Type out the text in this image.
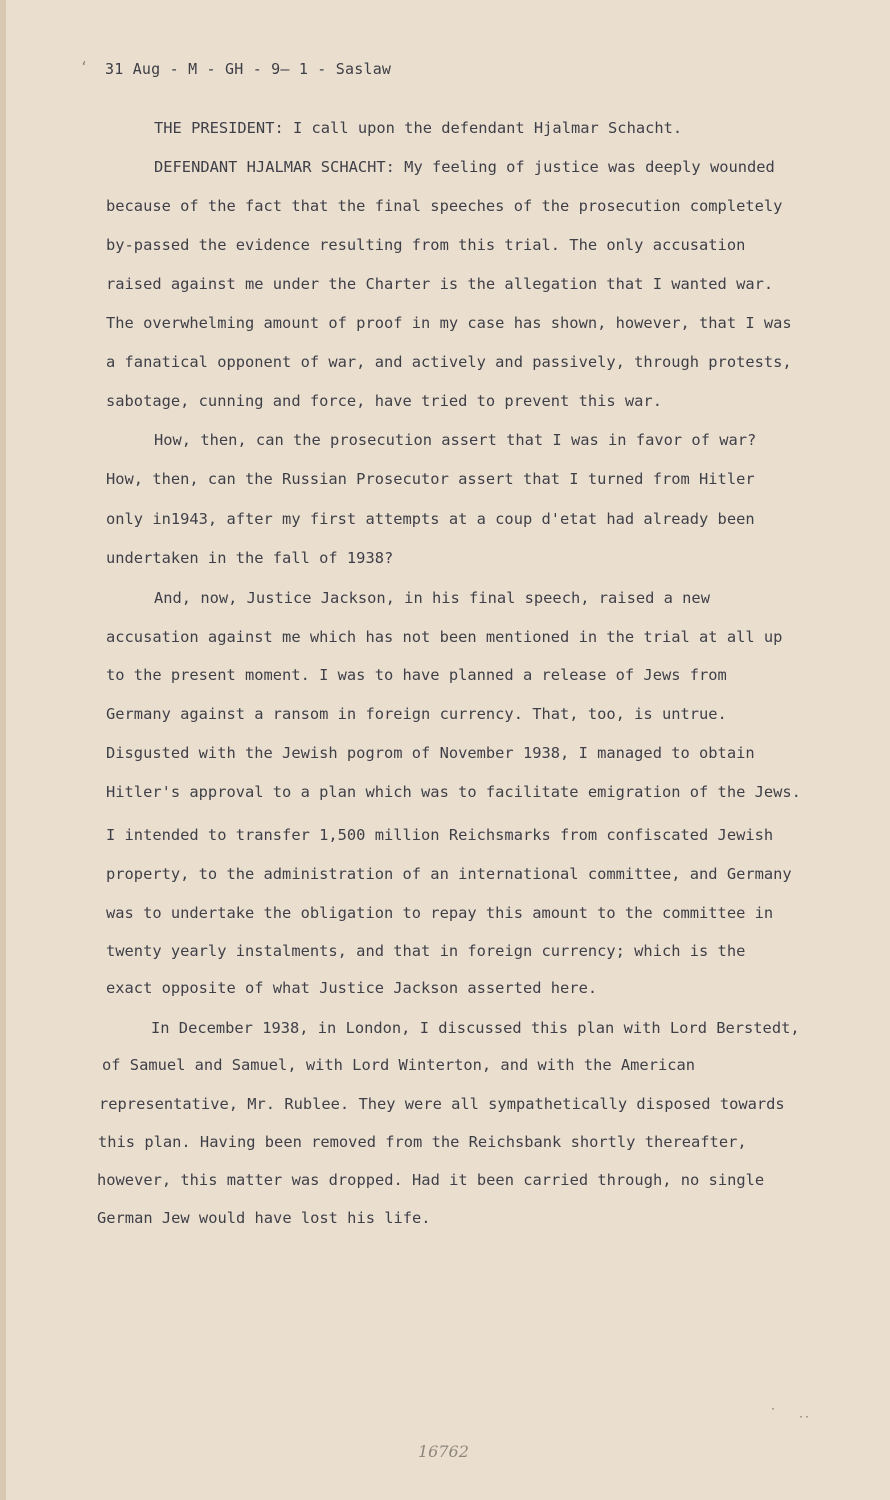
‘ 31 Aug - M - GH - 9– 1 - Saslaw
THE PRESIDENT: I call upon the defendant Hjalmar Schacht.
DEFENDANT HJALMAR SCHACHT: My feeling of justice was deeply wounded
because of the fact that the final speeches of the prosecution completely
by-passed the evidence resulting from this trial. The only accusation
raised against me under the Charter is the allegation that I wanted war.
The overwhelming amount of proof in my case has shown, however, that I was
a fanatical opponent of war, and actively and passively, through protests,
sabotage, cunning and force, have tried to prevent this war.
How, then, can the prosecution assert that I was in favor of war?
How, then, can the Russian Prosecutor assert that I turned from Hitler
only in1943, after my first attempts at a coup d'etat had already been
undertaken in the fall of 1938?
And, now, Justice Jackson, in his final speech, raised a new
accusation against me which has not been mentioned in the trial at all up
to the present moment. I was to have planned a release of Jews from
Germany against a ransom in foreign currency. That, too, is untrue.
Disgusted with the Jewish pogrom of November 1938, I managed to obtain
Hitler's approval to a plan which was to facilitate emigration of the Jews.
I intended to transfer 1,500 million Reichsmarks from confiscated Jewish
property, to the administration of an international committee, and Germany
was to undertake the obligation to repay this amount to the committee in
twenty yearly instalments, and that in foreign currency; which is the
exact opposite of what Justice Jackson asserted here.
In December 1938, in London, I discussed this plan with Lord Berstedt,
of Samuel and Samuel, with Lord Winterton, and with the American
representative, Mr. Rublee. They were all sympathetically disposed towards
this plan. Having been removed from the Reichsbank shortly thereafter,
however, this matter was dropped. Had it been carried through, no single
German Jew would have lost his life.
·
··
16762
